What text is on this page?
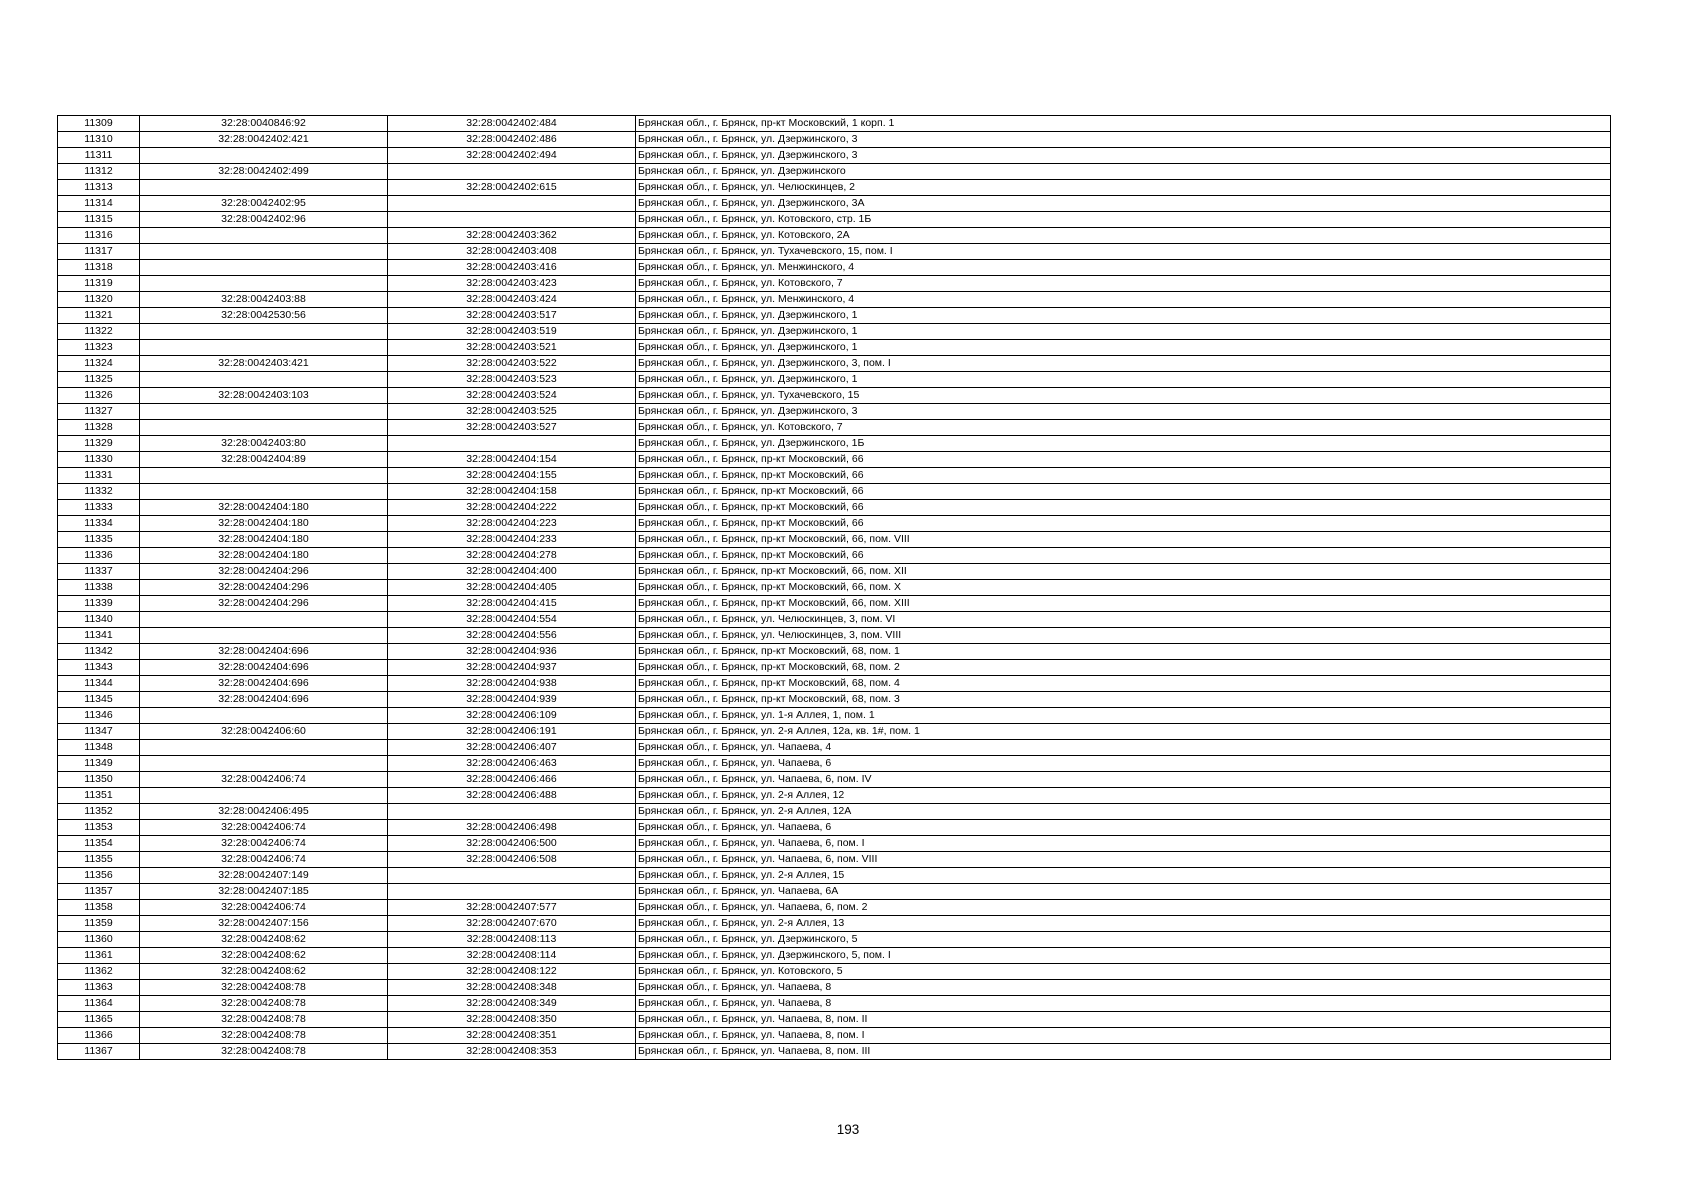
11309	32:28:0040846:92	32:28:0042402:484	Брянская обл., г. Брянск, пр-кт Московский, 1 корп. 1
11310	32:28:0042402:421	32:28:0042402:486	Брянская обл., г. Брянск, ул. Дзержинского, 3
11311		32:28:0042402:494	Брянская обл., г. Брянск, ул. Дзержинского, 3
11312	32:28:0042402:499		Брянская обл., г. Брянск, ул. Дзержинского
11313		32:28:0042402:615	Брянская обл., г. Брянск, ул. Челюскинцев, 2
11314	32:28:0042402:95		Брянская обл., г. Брянск, ул. Дзержинского, 3А
11315	32:28:0042402:96		Брянская обл., г. Брянск, ул. Котовского, стр. 1Б
11316		32:28:0042403:362	Брянская обл., г. Брянск, ул. Котовского, 2А
11317		32:28:0042403:408	Брянская обл., г. Брянск, ул. Тухачевского, 15, пом. I
11318		32:28:0042403:416	Брянская обл., г. Брянск, ул. Менжинского, 4
11319		32:28:0042403:423	Брянская обл., г. Брянск, ул. Котовского, 7
11320	32:28:0042403:88	32:28:0042403:424	Брянская обл., г. Брянск, ул. Менжинского, 4
11321	32:28:0042530:56	32:28:0042403:517	Брянская обл., г. Брянск, ул. Дзержинского, 1
11322		32:28:0042403:519	Брянская обл., г. Брянск, ул. Дзержинского, 1
11323		32:28:0042403:521	Брянская обл., г. Брянск, ул. Дзержинского, 1
11324	32:28:0042403:421	32:28:0042403:522	Брянская обл., г. Брянск, ул. Дзержинского, 3, пом. I
11325		32:28:0042403:523	Брянская обл., г. Брянск, ул. Дзержинского, 1
11326	32:28:0042403:103	32:28:0042403:524	Брянская обл., г. Брянск, ул. Тухачевского, 15
11327		32:28:0042403:525	Брянская обл., г. Брянск, ул. Дзержинского, 3
11328		32:28:0042403:527	Брянская обл., г. Брянск, ул. Котовского, 7
11329	32:28:0042403:80		Брянская обл., г. Брянск, ул. Дзержинского, 1Б
11330	32:28:0042404:89	32:28:0042404:154	Брянская обл., г. Брянск, пр-кт Московский, 66
11331		32:28:0042404:155	Брянская обл., г. Брянск, пр-кт Московский, 66
11332		32:28:0042404:158	Брянская обл., г. Брянск, пр-кт Московский, 66
11333	32:28:0042404:180	32:28:0042404:222	Брянская обл., г. Брянск, пр-кт Московский, 66
11334	32:28:0042404:180	32:28:0042404:223	Брянская обл., г. Брянск, пр-кт Московский, 66
11335	32:28:0042404:180	32:28:0042404:233	Брянская обл., г. Брянск, пр-кт Московский, 66, пом. VIII
11336	32:28:0042404:180	32:28:0042404:278	Брянская обл., г. Брянск, пр-кт Московский, 66
11337	32:28:0042404:296	32:28:0042404:400	Брянская обл., г. Брянск, пр-кт Московский, 66, пом. XII
11338	32:28:0042404:296	32:28:0042404:405	Брянская обл., г. Брянск, пр-кт Московский, 66, пом. X
11339	32:28:0042404:296	32:28:0042404:415	Брянская обл., г. Брянск, пр-кт Московский, 66, пом. XIII
11340		32:28:0042404:554	Брянская обл., г. Брянск, ул. Челюскинцев, 3, пом. VI
11341		32:28:0042404:556	Брянская обл., г. Брянск, ул. Челюскинцев, 3, пом. VIII
11342	32:28:0042404:696	32:28:0042404:936	Брянская обл., г. Брянск, пр-кт Московский, 68, пом. 1
11343	32:28:0042404:696	32:28:0042404:937	Брянская обл., г. Брянск, пр-кт Московский, 68, пом. 2
11344	32:28:0042404:696	32:28:0042404:938	Брянская обл., г. Брянск, пр-кт Московский, 68, пом. 4
11345	32:28:0042404:696	32:28:0042404:939	Брянская обл., г. Брянск, пр-кт Московский, 68, пом. 3
11346		32:28:0042406:109	Брянская обл., г. Брянск, ул. 1-я Аллея, 1, пом. 1
11347	32:28:0042406:60	32:28:0042406:191	Брянская обл., г. Брянск, ул. 2-я Аллея, 12а, кв. 1#, пом. 1
11348		32:28:0042406:407	Брянская обл., г. Брянск, ул. Чапаева, 4
11349		32:28:0042406:463	Брянская обл., г. Брянск, ул. Чапаева, 6
11350	32:28:0042406:74	32:28:0042406:466	Брянская обл., г. Брянск, ул. Чапаева, 6, пом. IV
11351		32:28:0042406:488	Брянская обл., г. Брянск, ул. 2-я Аллея, 12
11352	32:28:0042406:495		Брянская обл., г. Брянск, ул. 2-я Аллея, 12А
11353	32:28:0042406:74	32:28:0042406:498	Брянская обл., г. Брянск, ул. Чапаева, 6
11354	32:28:0042406:74	32:28:0042406:500	Брянская обл., г. Брянск, ул. Чапаева, 6, пом. I
11355	32:28:0042406:74	32:28:0042406:508	Брянская обл., г. Брянск, ул. Чапаева, 6, пом. VIII
11356	32:28:0042407:149		Брянская обл., г. Брянск, ул. 2-я Аллея, 15
11357	32:28:0042407:185		Брянская обл., г. Брянск, ул. Чапаева, 6А
11358	32:28:0042406:74	32:28:0042407:577	Брянская обл., г. Брянск, ул. Чапаева, 6, пом. 2
11359	32:28:0042407:156	32:28:0042407:670	Брянская обл., г. Брянск, ул. 2-я Аллея, 13
11360	32:28:0042408:62	32:28:0042408:113	Брянская обл., г. Брянск, ул. Дзержинского, 5
11361	32:28:0042408:62	32:28:0042408:114	Брянская обл., г. Брянск, ул. Дзержинского, 5, пом. I
11362	32:28:0042408:62	32:28:0042408:122	Брянская обл., г. Брянск, ул. Котовского, 5
11363	32:28:0042408:78	32:28:0042408:348	Брянская обл., г. Брянск, ул. Чапаева, 8
11364	32:28:0042408:78	32:28:0042408:349	Брянская обл., г. Брянск, ул. Чапаева, 8
11365	32:28:0042408:78	32:28:0042408:350	Брянская обл., г. Брянск, ул. Чапаева, 8, пом. II
11366	32:28:0042408:78	32:28:0042408:351	Брянская обл., г. Брянск, ул. Чапаева, 8, пом. I
11367	32:28:0042408:78	32:28:0042408:353	Брянская обл., г. Брянск, ул. Чапаева, 8, пом. III
193
